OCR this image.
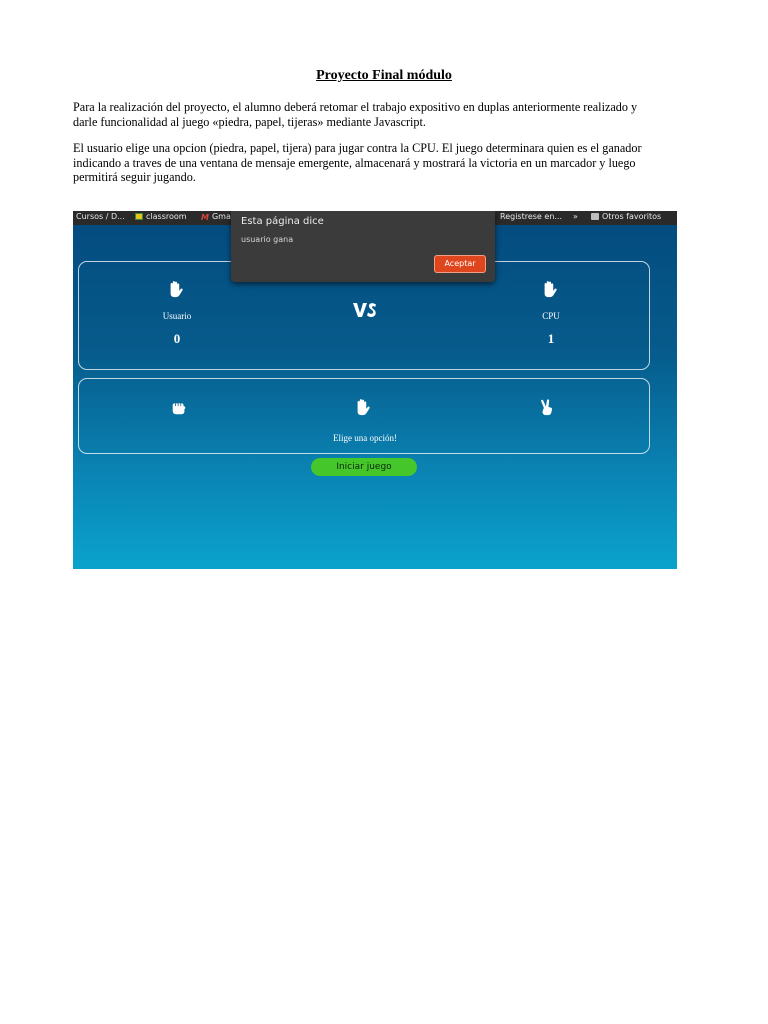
Proyecto Final módulo
Para la realización del proyecto, el alumno deberá retomar el trabajo expositivo en duplas anteriormente realizado y
darle funcionalidad al juego «piedra, papel, tijeras» mediante Javascript.
El usuario elige una opcion (piedra, papel, tijera) para jugar contra la CPU. El juego determinara quien es el ganador
indicando a traves de una ventana de mensaje emergente, almacenará y mostrará la victoria en un marcador y luego
permitirá seguir jugando.
Cursos / D...	classroom M Gma	Registrese en... »	Otros favoritos
Usuario
0
CPU
1
Elige una opción!
Iniciar juego
Esta página dice
usuario gana
Aceptar
